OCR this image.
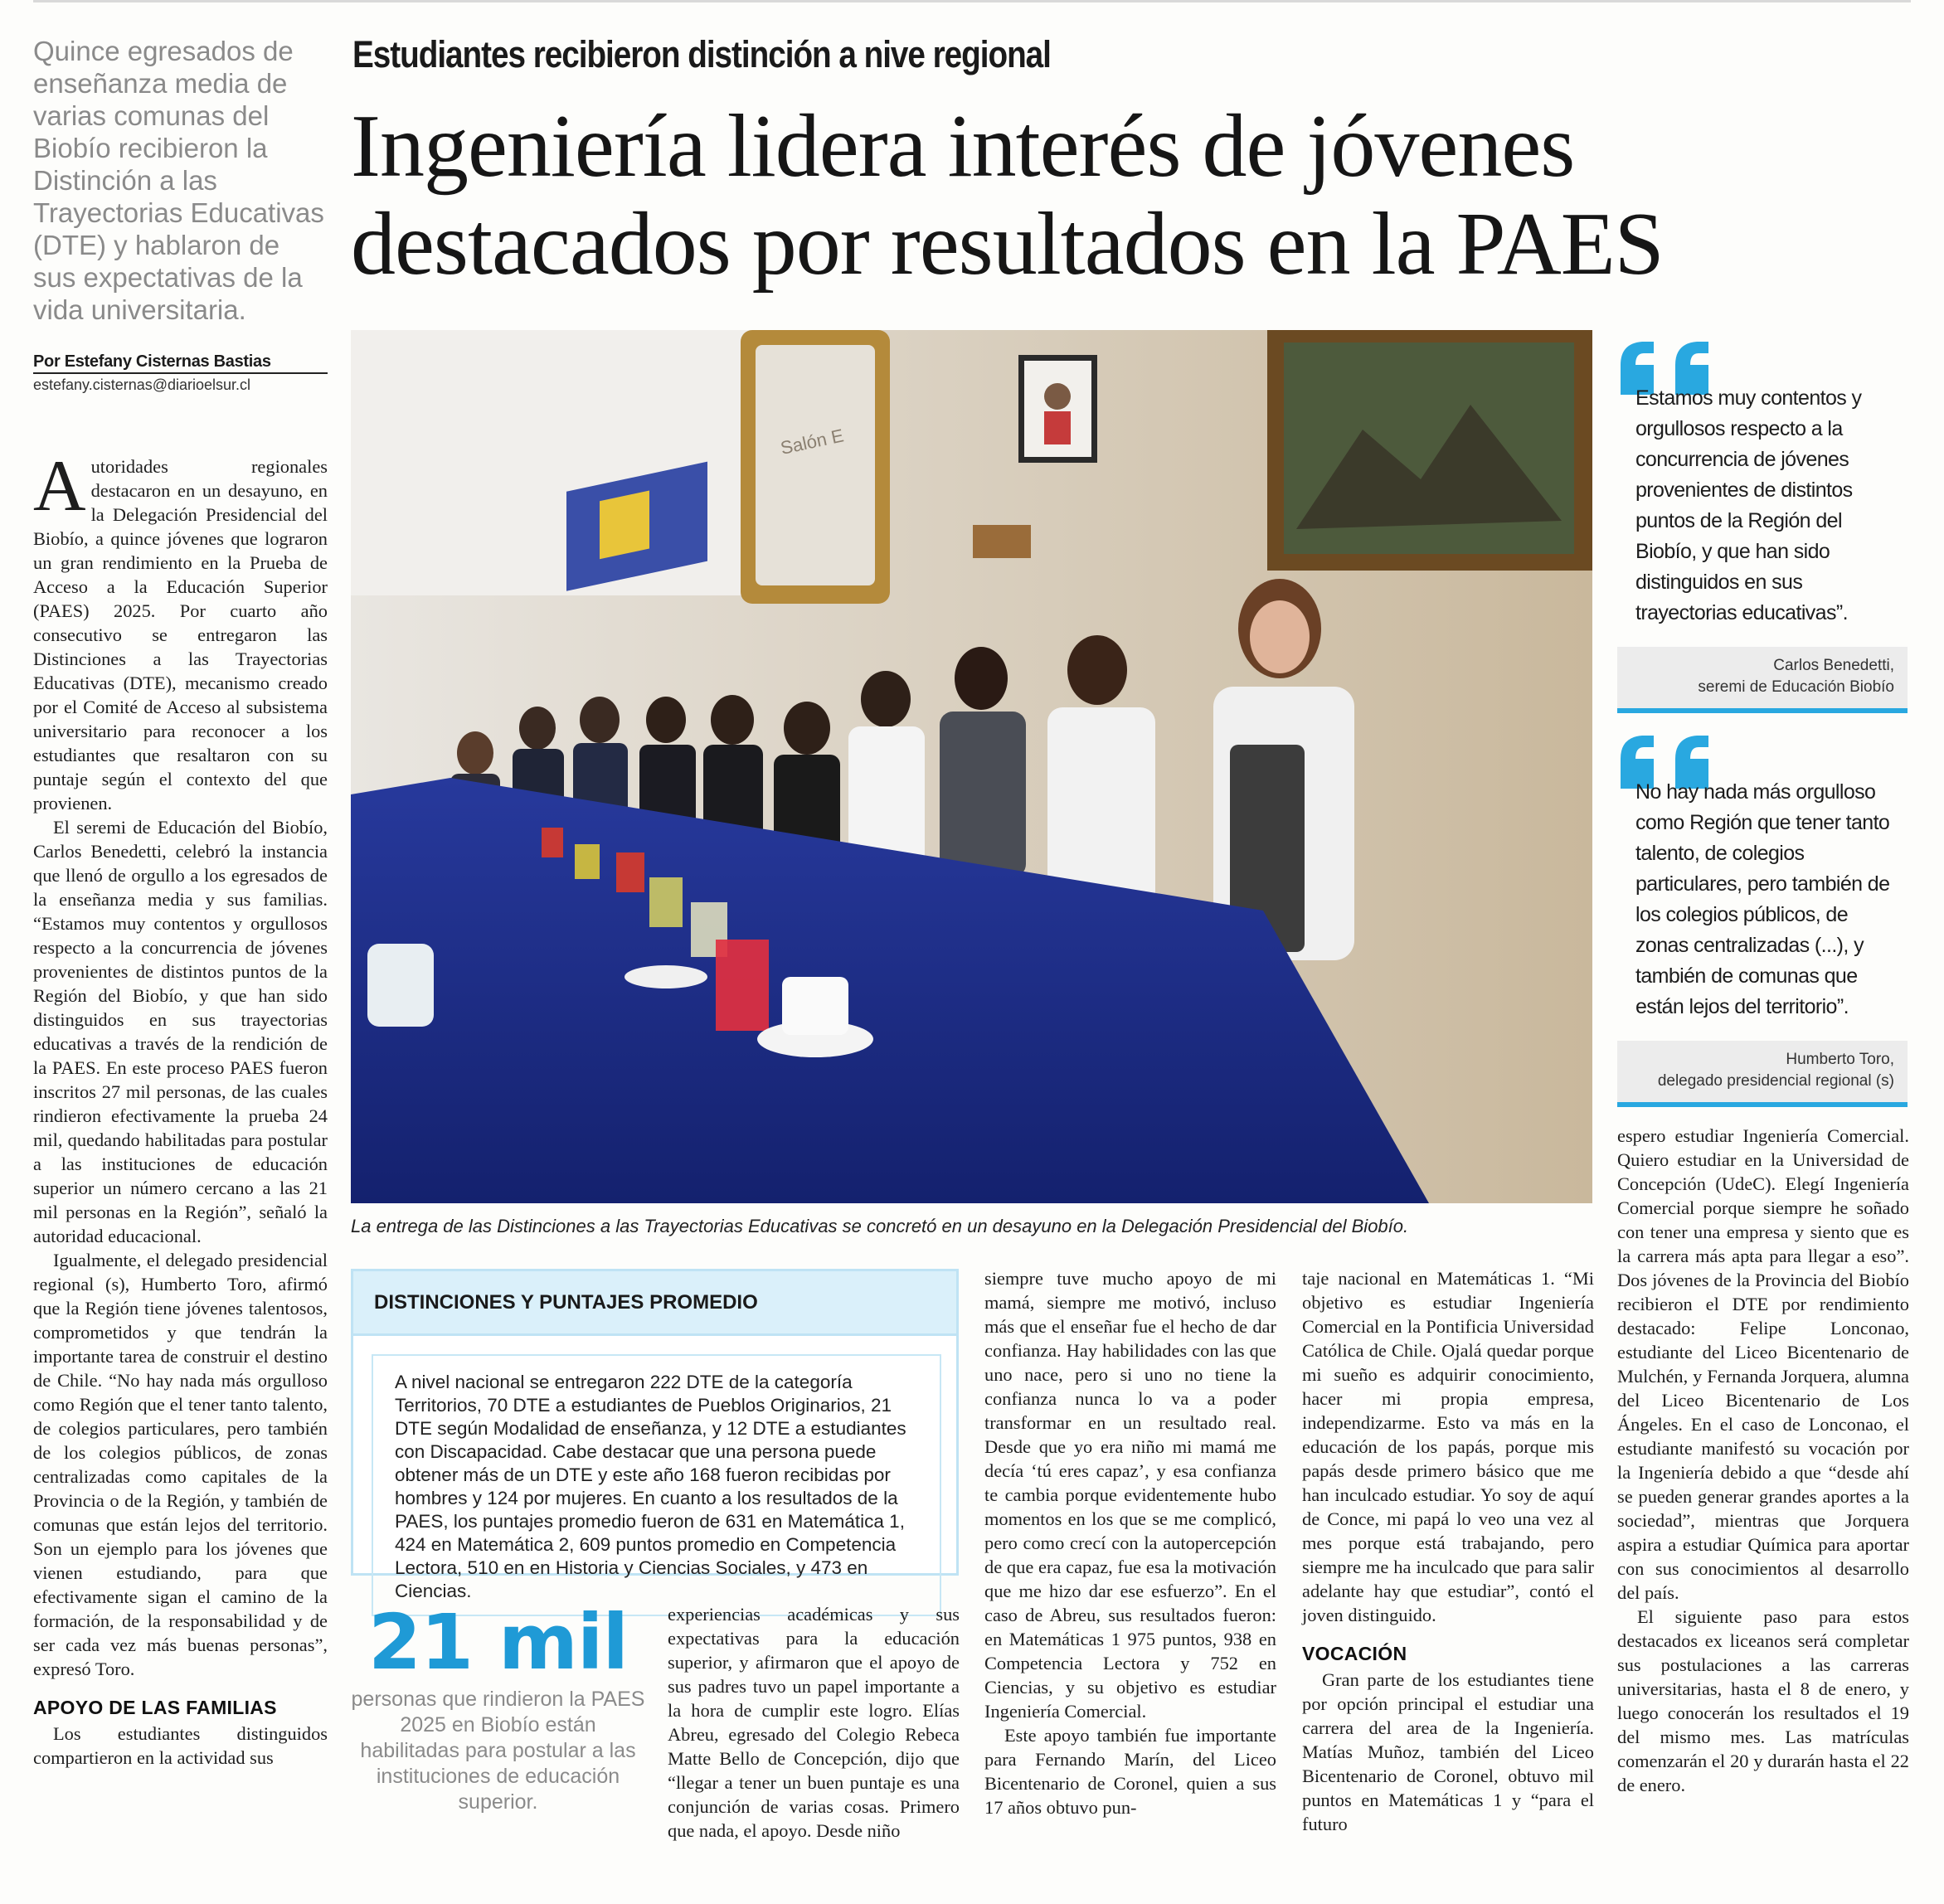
Quince egresados de enseñanza media de varias comunas del Biobío recibieron la Distinción a las Trayectorias Educativas (DTE) y hablaron de sus expectativas de la vida universitaria.
Por Estefany Cisternas Bastias
estefany.cisternas@diarioelsur.cl
Estudiantes recibieron distinción a nive regional
Ingeniería lidera interés de jóvenes
destacados por resultados en la PAES

Autoridades regionales destacaron en un desayuno, en la Delegación Presidencial del Biobío, a quince jóvenes que lograron un gran rendimiento en la Prueba de Acceso a la Educación Superior (PAES) 2025. Por cuarto año consecutivo se entregaron las Distinciones a las Trayectorias Educativas (DTE), mecanismo creado por el Comité de Acceso al subsistema universitario para reconocer a los estudiantes que resaltaron con su puntaje según el contexto del que provienen.

El seremi de Educación del Biobío, Carlos Benedetti, celebró la instancia que llenó de orgullo a los egresados de la enseñanza media y sus familias. “Estamos muy contentos y orgullosos respecto a la concurrencia de jóvenes provenientes de distintos puntos de la Región del Biobío, y que han sido distinguidos en sus trayectorias educativas a través de la rendición de la PAES. En este proceso PAES fueron inscritos 27 mil personas, de las cuales rindieron efectivamente la prueba 24 mil, quedando habilitadas para postular a las instituciones de educación superior un número cercano a las 21 mil personas en la Región”, señaló la autoridad educacional.

Igualmente, el delegado presidencial regional (s), Humberto Toro, afirmó que la Región tiene jóvenes talentosos, comprometidos y que tendrán la importante tarea de construir el destino de Chile. “No hay nada más orgulloso como Región que el tener tanto talento, de colegios particulares, pero también de los colegios públicos, de zonas centralizadas como capitales de la Provincia o de la Región, y también de comunas que están lejos del territorio. Son un ejemplo para los jóvenes que vienen estudiando, para que efectivamente sigan el camino de la formación, de la responsabilidad y de ser cada vez más buenas personas”, expresó Toro.

APOYO DE LAS FAMILIAS

Los estudiantes distinguidos compartieron en la actividad sus

Salón E
La entrega de las Distinciones a las Trayectorias Educativas se concretó en un desayuno en la Delegación Presidencial del Biobío.
Estamos muy contentos y orgullosos respecto a la concurrencia de jóvenes provenientes de distintos puntos de la Región del Biobío, y que han sido distinguidos en sus trayectorias educativas”.
Carlos Benedetti,
seremi de Educación Biobío
No hay nada más orgulloso como Región que tener tanto talento, de colegios particulares, pero también de los colegios públicos, de zonas centralizadas (...), y también de comunas que están lejos del territorio”.
Humberto Toro,
delegado presidencial regional (s)
DISTINCIONES Y PUNTAJES PROMEDIO
A nivel nacional se entregaron 222 DTE de la categoría Territorios, 70 DTE a estudiantes de Pueblos Originarios, 21 DTE según Modalidad de enseñanza, y 12 DTE a estudiantes con Discapacidad. Cabe destacar que una persona puede obtener más de un DTE y este año 168 fueron recibidas por hombres y 124 por mujeres. En cuanto a los resultados de la PAES, los puntajes promedio fueron de 631 en Matemática 1, 424 en Matemática 2, 609 puntos promedio en Competencia Lectora, 510 en en Historia y Ciencias Sociales, y 473 en Ciencias.
21 mil
personas que rindieron la PAES 2025 en Biobío están habilitadas para postular a las instituciones de educación superior.

experiencias académicas y sus expectativas para la educación superior, y afirmaron que el apoyo de sus padres tuvo un papel importante a la hora de cumplir este logro. Elías Abreu, egresado del Colegio Rebeca Matte Bello de Concepción, dijo que “llegar a tener un buen puntaje es una conjunción de varias cosas. Primero que nada, el apoyo. Desde niño

siempre tuve mucho apoyo de mi mamá, siempre me motivó, incluso más que el enseñar fue el hecho de dar confianza. Hay habilidades con las que uno nace, pero si uno no tiene la confianza nunca lo va a poder transformar en un resultado real. Desde que yo era niño mi mamá me decía ‘tú eres capaz’, y esa confianza te cambia porque evidentemente hubo momentos en los que se me complicó, pero como crecí con la autopercepción de que era capaz, fue esa la motivación que me hizo dar ese esfuerzo”. En el caso de Abreu, sus resultados fueron: en Matemáticas 1 975 puntos, 938 en Competencia Lectora y 752 en Ciencias, y su objetivo es estudiar Ingeniería Comercial.

Este apoyo también fue importante para Fernando Marín, del Liceo Bicentenario de Coronel, quien a sus 17 años obtuvo pun-

taje nacional en Matemáticas 1. “Mi objetivo es estudiar Ingeniería Comercial en la Pontificia Universidad Católica de Chile. Ojalá quedar porque mi sueño es adquirir conocimiento, hacer mi propia empresa, independizarme. Esto va más en la educación de los papás, porque mis papás desde primero básico que me han inculcado estudiar. Yo soy de aquí de Conce, mi papá lo veo una vez al mes porque está trabajando, pero siempre me ha inculcado que para salir adelante hay que estudiar”, contó el joven distinguido.

VOCACIÓN

Gran parte de los estudiantes tiene por opción principal el estudiar una carrera del area de la Ingeniería. Matías Muñoz, también del Liceo Bicentenario de Coronel, obtuvo mil puntos en Matemáticas 1 y “para el futuro

espero estudiar Ingeniería Comercial. Quiero estudiar en la Universidad de Concepción (UdeC). Elegí Ingeniería Comercial porque siempre he soñado con tener una empresa y siento que es la carrera más apta para llegar a eso”. Dos jóvenes de la Provincia del Biobío recibieron el DTE por rendimiento destacado: Felipe Lonconao, estudiante del Liceo Bicentenario de Mulchén, y Fernanda Jorquera, alumna del Liceo Bicentenario de Los Ángeles. En el caso de Lonconao, el estudiante manifestó su vocación por la Ingeniería debido a que “desde ahí se pueden generar grandes aportes a la sociedad”, mientras que Jorquera aspira a estudiar Química para aportar con sus conocimientos al desarrollo del país.

El siguiente paso para estos destacados ex liceanos será completar sus postulaciones a las carreras universitarias, hasta el 8 de enero, y luego conocerán los resultados el 19 del mismo mes. Las matrículas comenzarán el 20 y durarán hasta el 22 de enero.
